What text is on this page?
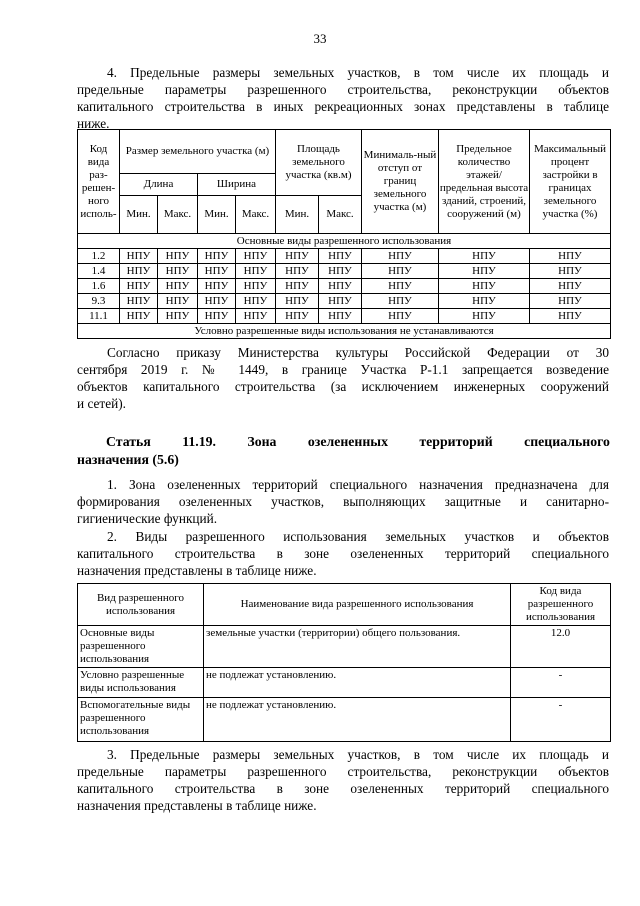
33

4. Предельные размеры земельных участков, в том числе их площадь и

предельные параметры разрешенного строительства, реконструкции объектов

капитального строительства в иных рекреационных зонах представлены в таблице

ниже.
Код вида раз-решен-ного исполь-	Размер земельного участка (м)				Площадь земельного участка (кв.м)		Минималь-ный отступ от границ земельного участка (м)	Предельное количество этажей/ предельная высота зданий, строений, сооружений (м)	Максимальный процент застройки в границах земельного участка (%)
	Длина		Ширина						
	Мин.	Макс.	Мин.	Макс.	Мин.	Макс.			
Основные виды разрешенного использования									
1.2	НПУ	НПУ	НПУ	НПУ	НПУ	НПУ	НПУ	НПУ	НПУ
1.4	НПУ	НПУ	НПУ	НПУ	НПУ	НПУ	НПУ	НПУ	НПУ
1.6	НПУ	НПУ	НПУ	НПУ	НПУ	НПУ	НПУ	НПУ	НПУ
9.3	НПУ	НПУ	НПУ	НПУ	НПУ	НПУ	НПУ	НПУ	НПУ
11.1	НПУ	НПУ	НПУ	НПУ	НПУ	НПУ	НПУ	НПУ	НПУ
Условно разрешенные виды использования не устанавливаются									

Согласно приказу Министерства культуры Российской Федерации от 30

сентября 2019 г. № 1449, в границе Участка Р-1.1 запрещается возведение

объектов капитального строительства (за исключением инженерных сооружений

и сетей).
Статья 11.19. Зона озелененных территорий специального
назначения (5.6)

1. Зона озелененных территорий специального назначения предназначена для

формирования озелененных участков, выполняющих защитные и санитарно-

гигиенические функций.

2. Виды разрешенного использования земельных участков и объектов

капитального строительства в зоне озелененных территорий специального

назначения представлены в таблице ниже.
Вид разрешенного использования	Наименование вида разрешенного использования	Код вида разрешенного использования
Основные виды разрешенного использования	земельные участки (территории) общего пользования.	12.0
Условно разрешенные виды использования	не подлежат установлению.	-
Вспомогательные виды разрешенного использования	не подлежат установлению.	-

3. Предельные размеры земельных участков, в том числе их площадь и

предельные параметры разрешенного строительства, реконструкции объектов

капитального строительства в зоне озелененных территорий специального

назначения представлены в таблице ниже.
